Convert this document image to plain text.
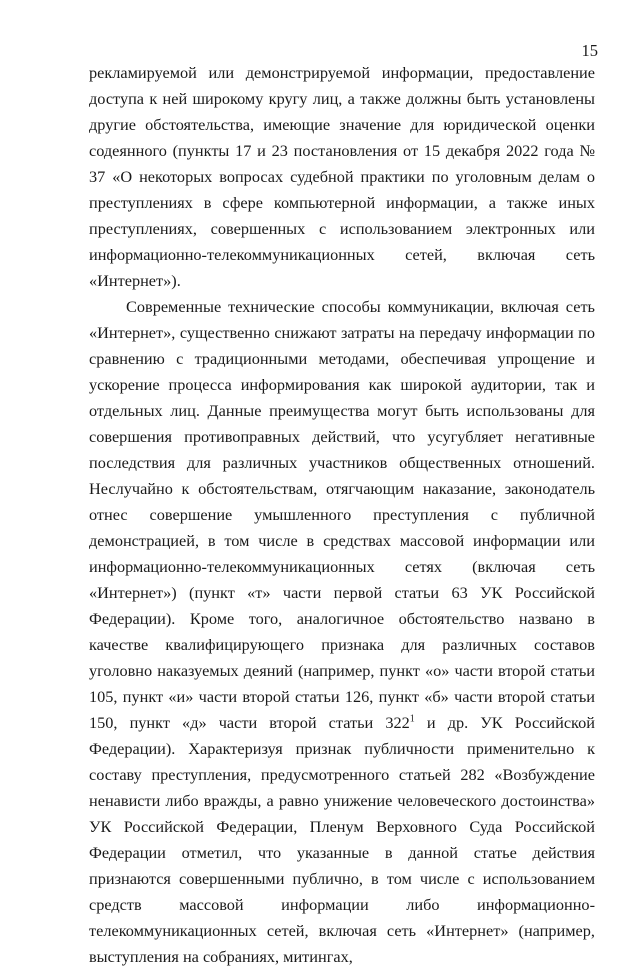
15

рекламируемой или демонстрируемой информации, предоставление доступа к ней широкому кругу лиц, а также должны быть установлены другие обстоятельства, имеющие значение для юридической оценки содеянного (пункты 17 и 23 постановления от 15 декабря 2022 года № 37 «О некоторых вопросах судебной практики по уголовным делам о преступлениях в сфере компьютерной информации, а также иных преступлениях, совершенных с использованием электронных или информационно-телекоммуникационных сетей, включая сеть «Интернет»).

Современные технические способы коммуникации, включая сеть «Интернет», существенно снижают затраты на передачу информации по сравнению с традиционными методами, обеспечивая упрощение и ускорение процесса информирования как широкой аудитории, так и отдельных лиц. Данные преимущества могут быть использованы для совершения противоправных действий, что усугубляет негативные последствия для различных участников общественных отношений. Неслучайно к обстоятельствам, отягчающим наказание, законодатель отнес совершение умышленного преступления с публичной демонстрацией, в том числе в средствах массовой информации или информационно-телекоммуникационных сетях (включая сеть «Интернет») (пункт «т» части первой статьи 63 УК Российской Федерации). Кроме того, аналогичное обстоятельство названо в качестве квалифицирующего признака для различных составов уголовно наказуемых деяний (например, пункт «о» части второй статьи 105, пункт «и» части второй статьи 126, пункт «б» части второй статьи 150, пункт «д» части второй статьи $322^1$ и др. УК Российской Федерации). Характеризуя признак публичности применительно к составу преступления, предусмотренного статьей 282 «Возбуждение ненависти либо вражды, а равно унижение человеческого достоинства» УК Российской Федерации, Пленум Верховного Суда Российской Федерации отметил, что указанные в данной статье действия признаются совершенными публично, в том числе с использованием средств массовой информации либо информационно-телекоммуникационных сетей, включая сеть «Интернет» (например, выступления на собраниях, митингах,
